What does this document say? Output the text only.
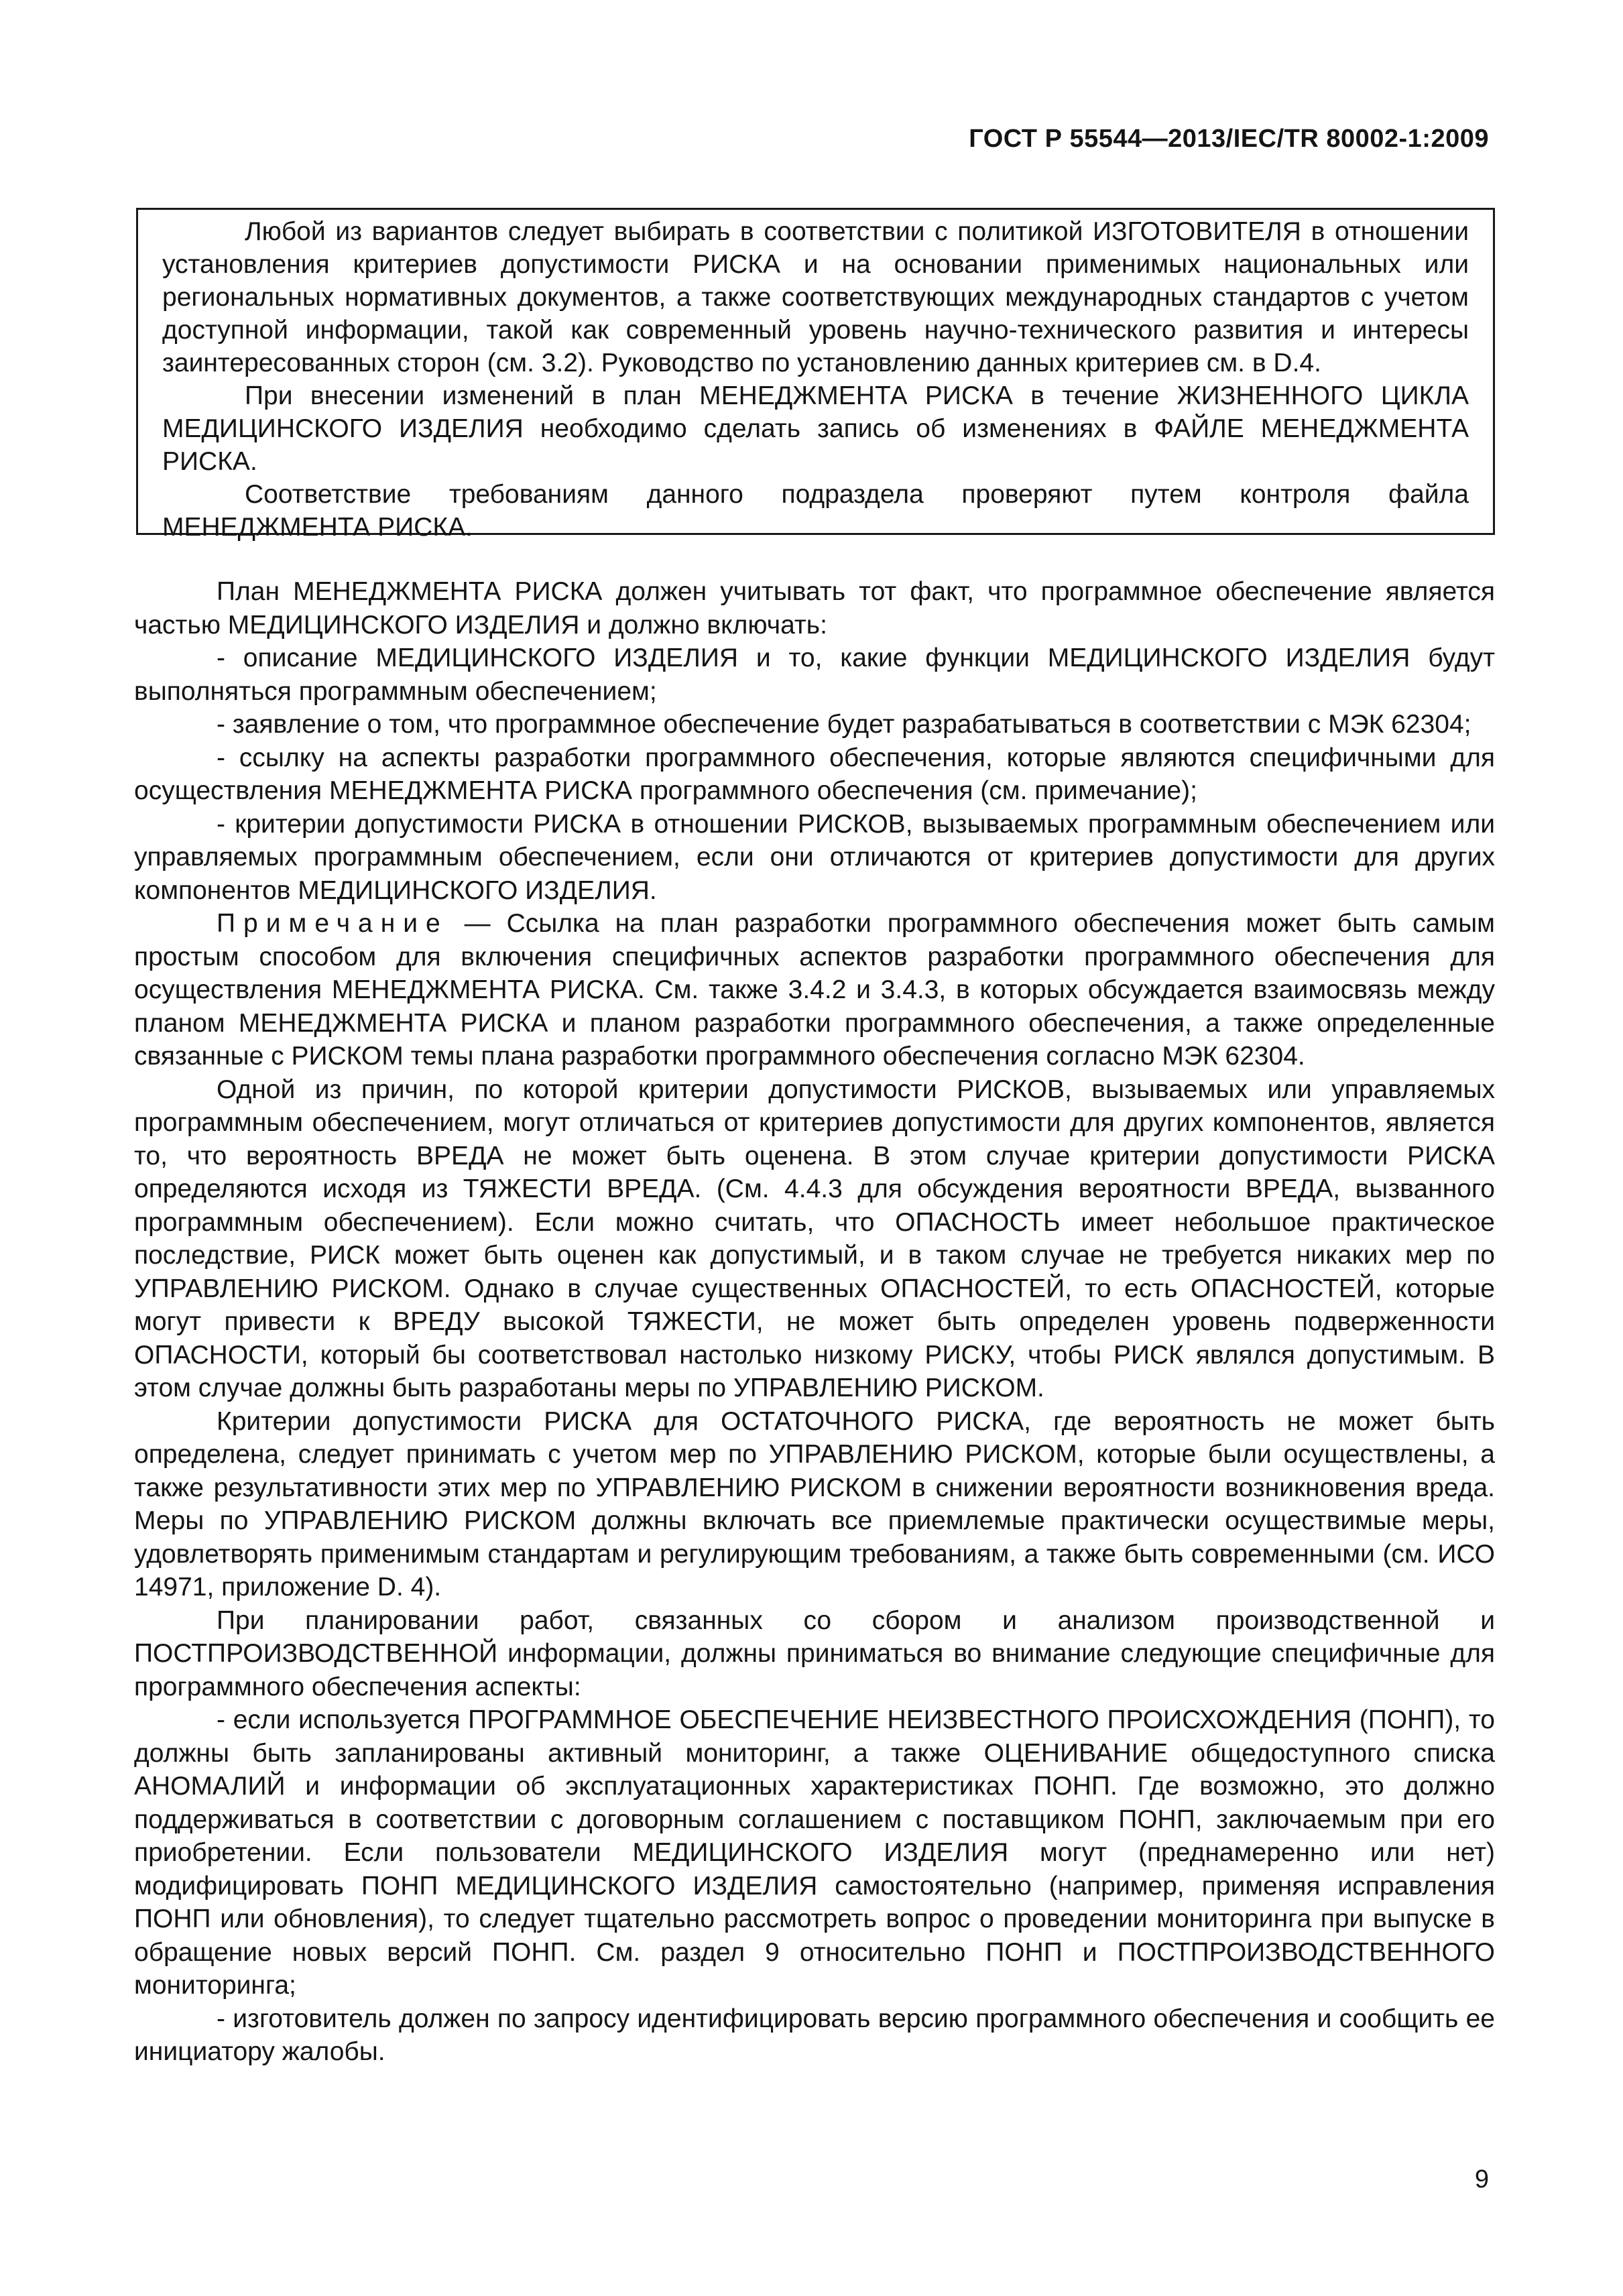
ГОСТ Р 55544—2013/IEC/TR 80002-1:2009

Любой из вариантов следует выбирать в соответствии с политикой ИЗГОТОВИТЕЛЯ в отношении установления критериев допустимости РИСКА и на основании применимых национальных или региональных нормативных документов, а также соответствующих международных стандартов с учетом доступной информации, такой как современный уровень научно-технического развития и интересы заинтересованных сторон (см. 3.2). Руководство по установлению данных критериев см. в D.4.

При внесении изменений в план МЕНЕДЖМЕНТА РИСКА в течение ЖИЗНЕННОГО ЦИКЛА МЕДИЦИНСКОГО ИЗДЕЛИЯ необходимо сделать запись об изменениях в ФАЙЛЕ МЕНЕДЖМЕНТА РИСКА.

Соответствие требованиям данного подраздела проверяют путем контроля файла МЕНЕДЖМЕНТА РИСКА.

План МЕНЕДЖМЕНТА РИСКА должен учитывать тот факт, что программное обеспечение является частью МЕДИЦИНСКОГО ИЗДЕЛИЯ и должно включать:

- описание МЕДИЦИНСКОГО ИЗДЕЛИЯ и то, какие функции МЕДИЦИНСКОГО ИЗДЕЛИЯ будут выполняться программным обеспечением;

- заявление о том, что программное обеспечение будет разрабатываться в соответствии с МЭК 62304;

- ссылку на аспекты разработки программного обеспечения, которые являются специфичными для осуществления МЕНЕДЖМЕНТА РИСКА программного обеспечения (см. примечание);

- критерии допустимости РИСКА в отношении РИСКОВ, вызываемых программным обеспечением или управляемых программным обеспечением, если они отличаются от критериев допустимости для других компонентов МЕДИЦИНСКОГО ИЗДЕЛИЯ.

Примечание — Ссылка на план разработки программного обеспечения может быть самым простым способом для включения специфичных аспектов разработки программного обеспечения для осуществления МЕНЕДЖМЕНТА РИСКА. См. также 3.4.2 и 3.4.3, в которых обсуждается взаимосвязь между планом МЕНЕДЖМЕНТА РИСКА и планом разработки программного обеспечения, а также определенные связанные с РИСКОМ темы плана разработки программного обеспечения согласно МЭК 62304.

Одной из причин, по которой критерии допустимости РИСКОВ, вызываемых или управляемых программным обеспечением, могут отличаться от критериев допустимости для других компонентов, является то, что вероятность ВРЕДА не может быть оценена. В этом случае критерии допустимости РИСКА определяются исходя из ТЯЖЕСТИ ВРЕДА. (См. 4.4.3 для обсуждения вероятности ВРЕДА, вызванного программным обеспечением). Если можно считать, что ОПАСНОСТЬ имеет небольшое практическое последствие, РИСК может быть оценен как допустимый, и в таком случае не требуется никаких мер по УПРАВЛЕНИЮ РИСКОМ. Однако в случае существенных ОПАСНОСТЕЙ, то есть ОПАСНОСТЕЙ, которые могут привести к ВРЕДУ высокой ТЯЖЕСТИ, не может быть определен уровень подверженности ОПАСНОСТИ, который бы соответствовал настолько низкому РИСКУ, чтобы РИСК являлся допустимым. В этом случае должны быть разработаны меры по УПРАВЛЕНИЮ РИСКОМ.

Критерии допустимости РИСКА для ОСТАТОЧНОГО РИСКА, где вероятность не может быть определена, следует принимать с учетом мер по УПРАВЛЕНИЮ РИСКОМ, которые были осуществлены, а также результативности этих мер по УПРАВЛЕНИЮ РИСКОМ в снижении вероятности возникновения вреда. Меры по УПРАВЛЕНИЮ РИСКОМ должны включать все приемлемые практически осуществимые меры, удовлетворять применимым стандартам и регулирующим требованиям, а также быть современными (см. ИСО 14971, приложение D. 4).

При планировании работ, связанных со сбором и анализом производственной и ПОСТПРОИЗВОДСТВЕННОЙ информации, должны приниматься во внимание следующие специфичные для программного обеспечения аспекты:

- если используется ПРОГРАММНОЕ ОБЕСПЕЧЕНИЕ НЕИЗВЕСТНОГО ПРОИСХОЖДЕНИЯ (ПОНП), то должны быть запланированы активный мониторинг, а также ОЦЕНИВАНИЕ общедоступного списка АНОМАЛИЙ и информации об эксплуатационных характеристиках ПОНП. Где возможно, это должно поддерживаться в соответствии с договорным соглашением с поставщиком ПОНП, заключаемым при его приобретении. Если пользователи МЕДИЦИНСКОГО ИЗДЕЛИЯ могут (преднамеренно или нет) модифицировать ПОНП МЕДИЦИНСКОГО ИЗДЕЛИЯ самостоятельно (например, применяя исправления ПОНП или обновления), то следует тщательно рассмотреть вопрос о проведении мониторинга при выпуске в обращение новых версий ПОНП. См. раздел 9 относительно ПОНП и ПОСТПРОИЗВОДСТВЕННОГО мониторинга;

- изготовитель должен по запросу идентифицировать версию программного обеспечения и сообщить ее инициатору жалобы.

9
